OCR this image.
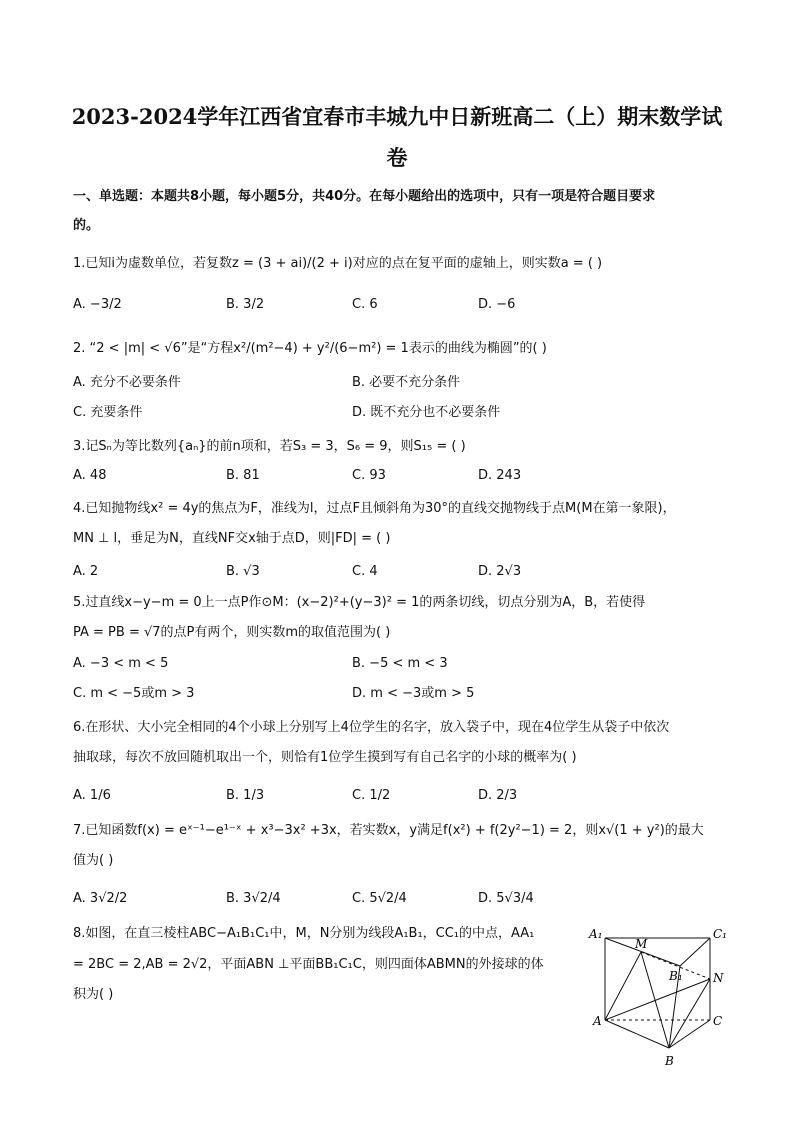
2023-2024学年江西省宜春市丰城九中日新班高二（上）期末数学试
卷
一、单选题：本题共8小题，每小题5分，共40分。在每小题给出的选项中，只有一项是符合题目要求
的。
1.已知i为虚数单位，若复数z = (3 + ai)/(2 + i)对应的点在复平面的虚轴上，则实数a = ( )
A. −3/2	B. 3/2	C. 6	D. −6
2. “2 < |m| < √6”是“方程x²/(m²−4) + y²/(6−m²) = 1表示的曲线为椭圆”的( )
A. 充分不必要条件	B. 必要不充分条件
C. 充要条件	D. 既不充分也不必要条件
3.记Sₙ为等比数列{aₙ}的前n项和，若S₃ = 3，S₆ = 9，则S₁₅ = ( )
A. 48	B. 81	C. 93	D. 243
4.已知抛物线x² = 4y的焦点为F，准线为l，过点F且倾斜角为30°的直线交抛物线于点M(M在第一象限)，
MN ⊥ l，垂足为N，直线NF交x轴于点D，则|FD| = ( )
A. 2	B. √3	C. 4	D. 2√3
5.过直线x−y−m = 0上一点P作⊙M：(x−2)²+(y−3)² = 1的两条切线，切点分别为A，B，若使得
PA = PB = √7的点P有两个，则实数m的取值范围为( )
A. −3 < m < 5	B. −5 < m < 3
C. m < −5或m > 3	D. m < −3或m > 5
6.在形状、大小完全相同的4个小球上分别写上4位学生的名字，放入袋子中，现在4位学生从袋子中依次
抽取球，每次不放回随机取出一个，则恰有1位学生摸到写有自己名字的小球的概率为( )
A. 1/6	B. 1/3	C. 1/2	D. 2/3
7.已知函数f(x) = eˣ⁻¹−e¹⁻ˣ + x³−3x² +3x，若实数x，y满足f(x²) + f(2y²−1) = 2，则x√(1 + y²)的最大
值为( )
A. 3√2/2	B. 3√2/4	C. 5√2/4	D. 5√3/4
8.如图，在直三棱柱ABC−A₁B₁C₁中，M，N分别为线段A₁B₁，CC₁的中点，AA₁
= 2BC = 2,AB = 2√2，平面ABN ⊥平面BB₁C₁C，则四面体ABMN的外接球的体
积为( )
A₁
M
C₁
B₁	N
A	C
B
